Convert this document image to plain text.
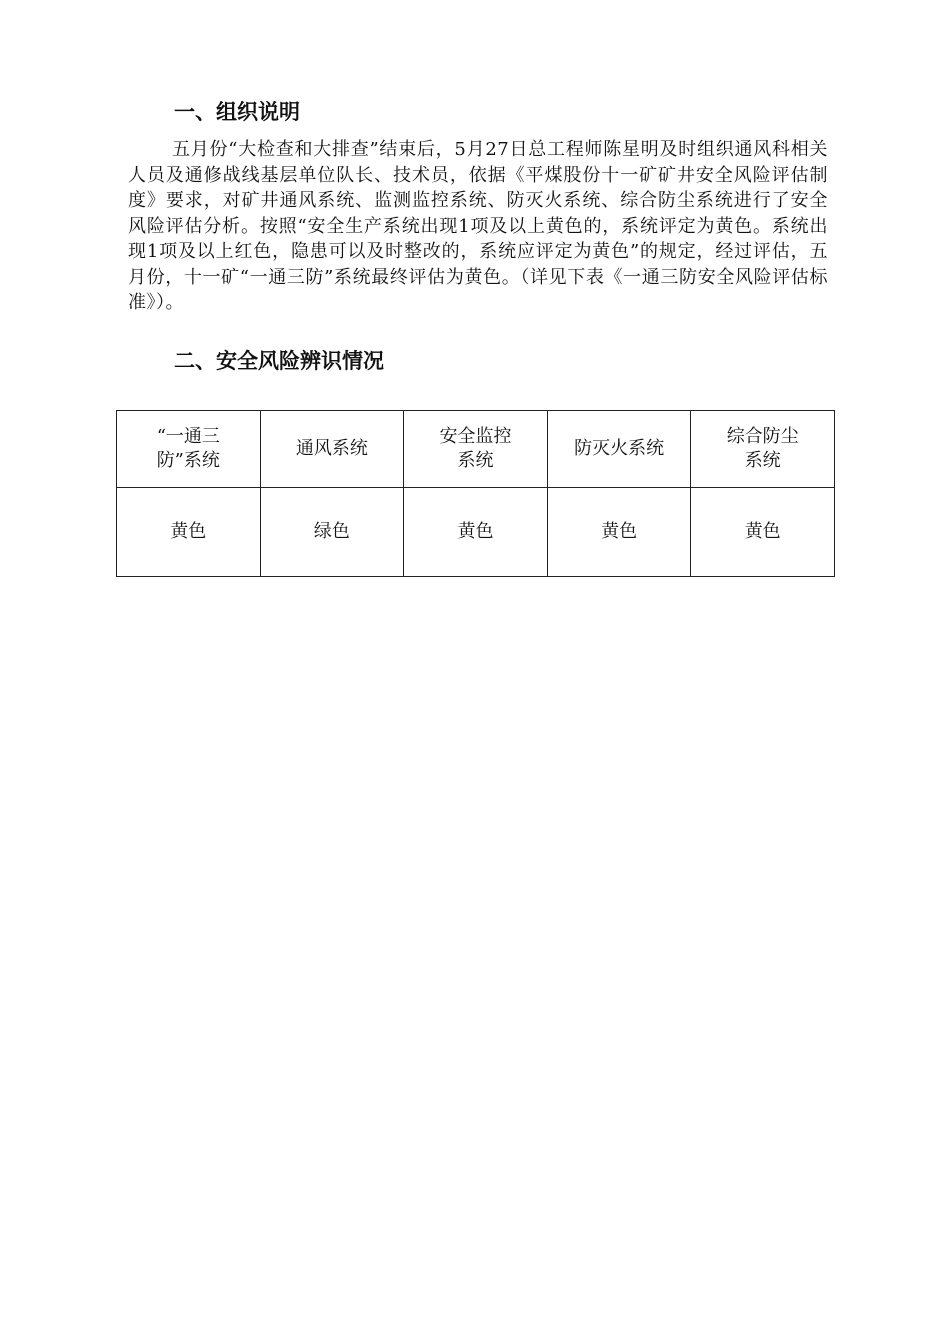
一、组织说明
五月份“大检查和大排查”结束后，5月27日总工程师陈星明及时组织通风科相关人员及通修战线基层单位队长、技术员，依据《平煤股份十一矿矿井安全风险评估制度》要求，对矿井通风系统、监测监控系统、防灭火系统、综合防尘系统进行了安全风险评估分析。按照“安全生产系统出现1项及以上黄色的，系统评定为黄色。系统出现1项及以上红色，隐患可以及时整改的，系统应评定为黄色”的规定，经过评估，五月份，十一矿“一通三防”系统最终评估为黄色。（详见下表《一通三防安全风险评估标准》）。
二、安全风险辨识情况
“一通三防”系统	通风系统	安全监控系统	防灭火系统	综合防尘系统
黄色	绿色	黄色	黄色	黄色
